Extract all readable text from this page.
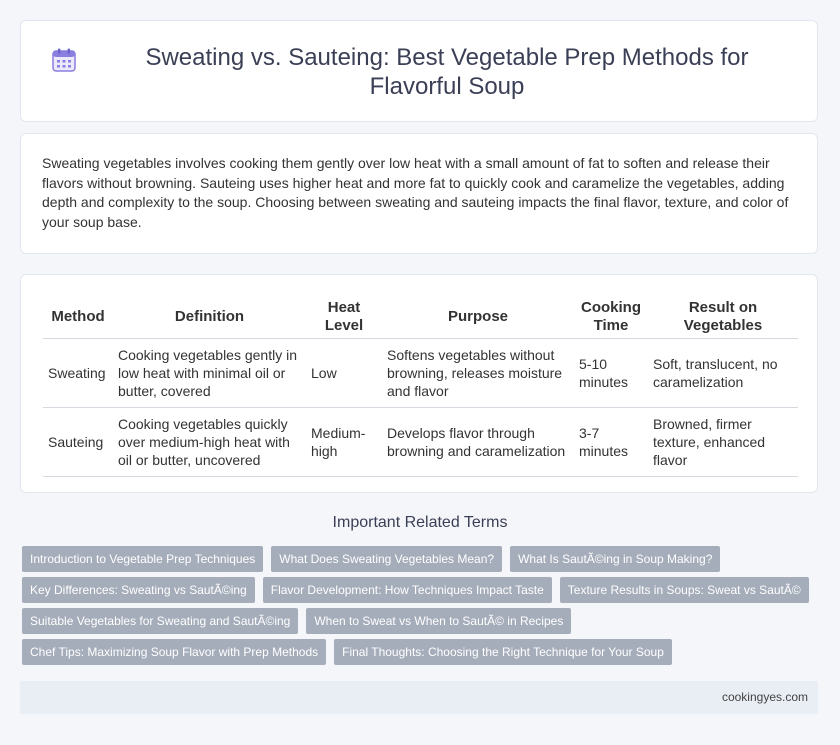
Sweating vs. Sauteing: Best Vegetable Prep Methods for Flavorful Soup

Sweating vegetables involves cooking them gently over low heat with a small amount of fat to soften and release their flavors without browning. Sauteing uses higher heat and more fat to quickly cook and caramelize the vegetables, adding depth and complexity to the soup. Choosing between sweating and sauteing impacts the final flavor, texture, and color of your soup base.

Method	Definition	Heat Level	Purpose	Cooking Time	Result on Vegetables
Sweating	Cooking vegetables gently in low heat with minimal oil or butter, covered	Low	Softens vegetables without browning, releases moisture and flavor	5-10 minutes	Soft, translucent, no caramelization
Sauteing	Cooking vegetables quickly over medium-high heat with oil or butter, uncovered	Medium-high	Develops flavor through browning and caramelization	3-7 minutes	Browned, firmer texture, enhanced flavor
Important Related Terms
Introduction to Vegetable Prep Techniques	What Does Sweating Vegetables Mean?	What Is SautÃ©ing in Soup Making?
Key Differences: Sweating vs SautÃ©ing	Flavor Development: How Techniques Impact Taste	Texture Results in Soups: Sweat vs SautÃ©
Suitable Vegetables for Sweating and SautÃ©ing	When to Sweat vs When to SautÃ© in Recipes
Chef Tips: Maximizing Soup Flavor with Prep Methods	Final Thoughts: Choosing the Right Technique for Your Soup
cookingyes.com
